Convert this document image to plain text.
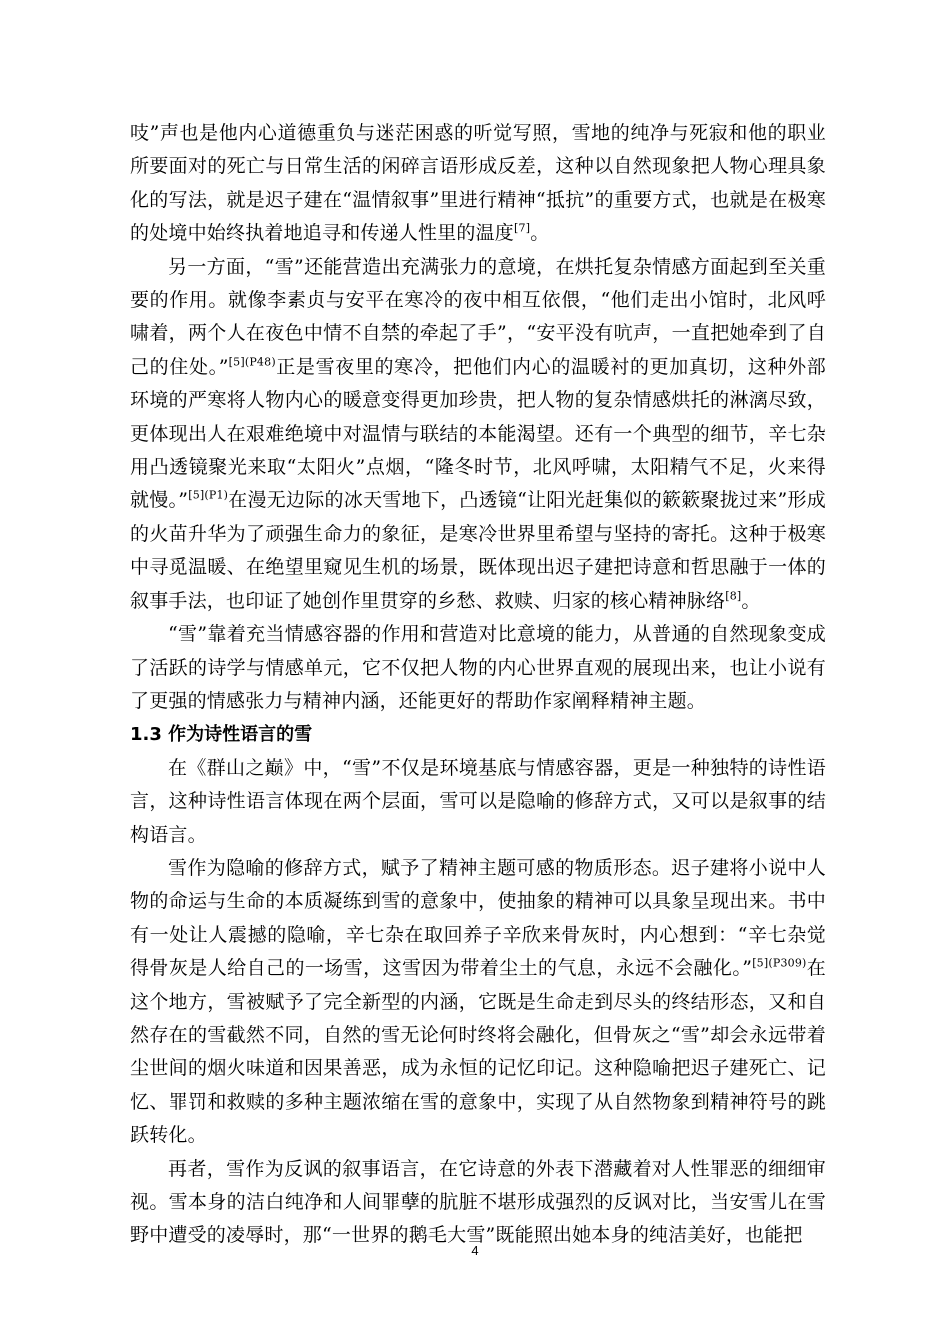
吱”声也是他内心道德重负与迷茫困惑的听觉写照，雪地的纯净与死寂和他的职业所要面对的死亡与日常生活的闲碎言语形成反差，这种以自然现象把人物心理具象化的写法，就是迟子建在“温情叙事”里进行精神“抵抗”的重要方式，也就是在极寒的处境中始终执着地追寻和传递人性里的温度[7]。

另一方面，“雪”还能营造出充满张力的意境，在烘托复杂情感方面起到至关重要的作用。就像李素贞与安平在寒冷的夜中相互依偎，“他们走出小馆时，北风呼啸着，两个人在夜色中情不自禁的牵起了手”，“安平没有吭声，一直把她牵到了自己的住处。”$^{[5](P48)}$正是雪夜里的寒冷，把他们内心的温暖衬的更加真切，这种外部环境的严寒将人物内心的暖意变得更加珍贵，把人物的复杂情感烘托的淋漓尽致，更体现出人在艰难绝境中对温情与联结的本能渴望。还有一个典型的细节，辛七杂用凸透镜聚光来取“太阳火”点烟，“隆冬时节，北风呼啸，太阳精气不足，火来得就慢。”$^{[5](P1)}$在漫无边际的冰天雪地下，凸透镜“让阳光赶集似的簌簌聚拢过来”形成的火苗升华为了顽强生命力的象征，是寒冷世界里希望与坚持的寄托。这种于极寒中寻觅温暖、在绝望里窥见生机的场景，既体现出迟子建把诗意和哲思融于一体的叙事手法，也印证了她创作里贯穿的乡愁、救赎、归家的核心精神脉络[8]。

“雪”靠着充当情感容器的作用和营造对比意境的能力，从普通的自然现象变成了活跃的诗学与情感单元，它不仅把人物的内心世界直观的展现出来，也让小说有了更强的情感张力与精神内涵，还能更好的帮助作家阐释精神主题。

1.3 作为诗性语言的雪

在《群山之巅》中，“雪”不仅是环境基底与情感容器，更是一种独特的诗性语言，这种诗性语言体现在两个层面，雪可以是隐喻的修辞方式，又可以是叙事的结构语言。

雪作为隐喻的修辞方式，赋予了精神主题可感的物质形态。迟子建将小说中人物的命运与生命的本质凝练到雪的意象中，使抽象的精神可以具象呈现出来。书中有一处让人震撼的隐喻，辛七杂在取回养子辛欣来骨灰时，内心想到：“辛七杂觉得骨灰是人给自己的一场雪，这雪因为带着尘土的气息，永远不会融化。”$^{[5](P309)}$在这个地方，雪被赋予了完全新型的内涵，它既是生命走到尽头的终结形态，又和自然存在的雪截然不同，自然的雪无论何时终将会融化，但骨灰之“雪”却会永远带着尘世间的烟火味道和因果善恶，成为永恒的记忆印记。这种隐喻把迟子建死亡、记忆、罪罚和救赎的多种主题浓缩在雪的意象中，实现了从自然物象到精神符号的跳跃转化。

再者，雪作为反讽的叙事语言，在它诗意的外表下潜藏着对人性罪恶的细细审视。雪本身的洁白纯净和人间罪孽的肮脏不堪形成强烈的反讽对比，当安雪儿在雪野中遭受的凌辱时，那“一世界的鹅毛大雪”既能照出她本身的纯洁美好，也能把

4
